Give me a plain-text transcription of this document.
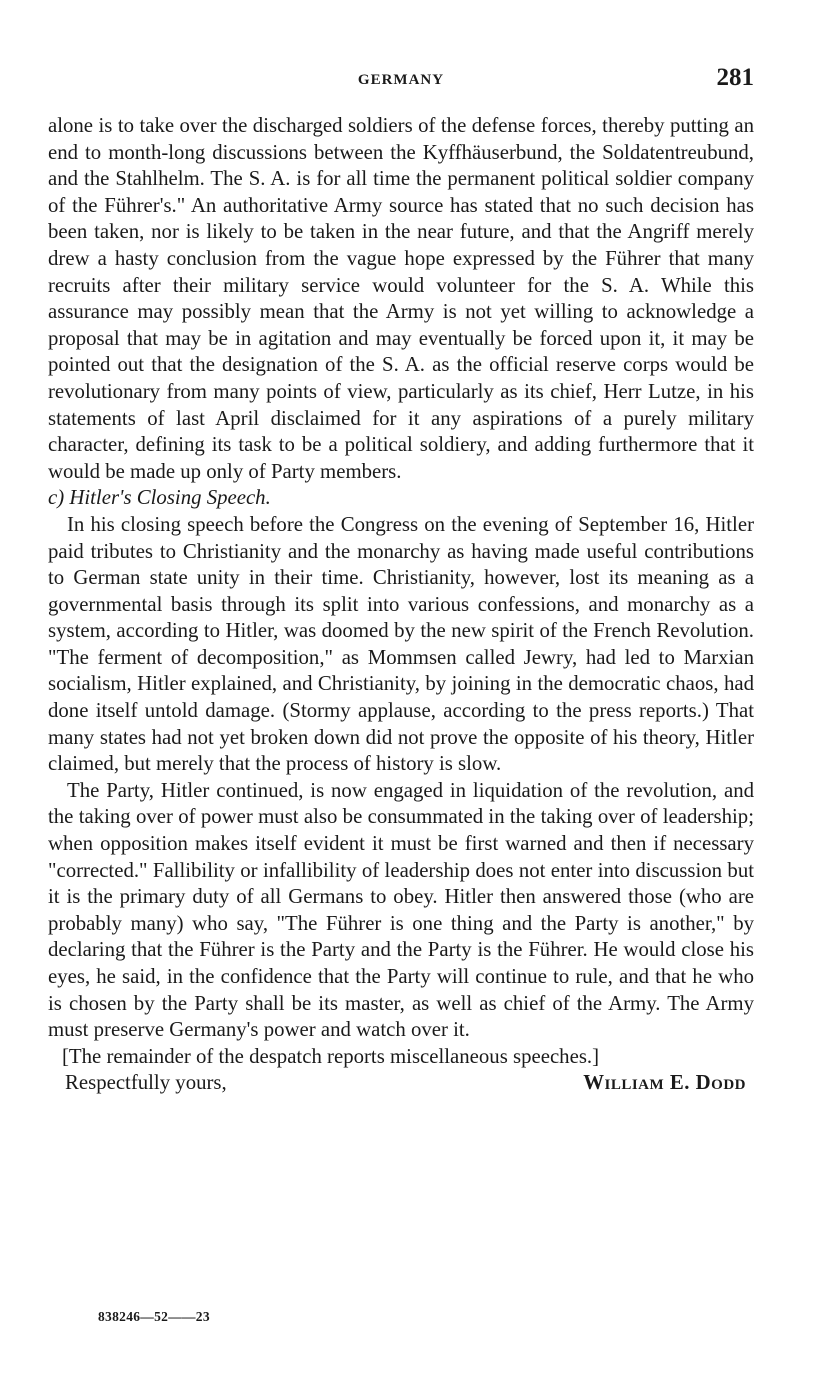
GERMANY	281

alone is to take over the discharged soldiers of the defense forces, thereby putting an end to month-long discussions between the Kyffhäuserbund, the Soldatentreubund, and the Stahlhelm. The S. A. is for all time the permanent political soldier company of the Führer's." An authoritative Army source has stated that no such decision has been taken, nor is likely to be taken in the near future, and that the Angriff merely drew a hasty conclusion from the vague hope expressed by the Führer that many recruits after their military service would volunteer for the S. A. While this assurance may possibly mean that the Army is not yet willing to acknowledge a proposal that may be in agitation and may eventually be forced upon it, it may be pointed out that the designation of the S. A. as the official reserve corps would be revolutionary from many points of view, particularly as its chief, Herr Lutze, in his statements of last April disclaimed for it any aspirations of a purely military character, defining its task to be a political soldiery, and adding furthermore that it would be made up only of Party members.

c) Hitler's Closing Speech.

In his closing speech before the Congress on the evening of September 16, Hitler paid tributes to Christianity and the monarchy as having made useful contributions to German state unity in their time. Christianity, however, lost its meaning as a governmental basis through its split into various confessions, and monarchy as a system, according to Hitler, was doomed by the new spirit of the French Revolution. "The ferment of decomposition," as Mommsen called Jewry, had led to Marxian socialism, Hitler explained, and Christianity, by joining in the democratic chaos, had done itself untold damage. (Stormy applause, according to the press reports.) That many states had not yet broken down did not prove the opposite of his theory, Hitler claimed, but merely that the process of history is slow.

The Party, Hitler continued, is now engaged in liquidation of the revolution, and the taking over of power must also be consummated in the taking over of leadership; when opposition makes itself evident it must be first warned and then if necessary "corrected." Fallibility or infallibility of leadership does not enter into discussion but it is the primary duty of all Germans to obey. Hitler then answered those (who are probably many) who say, "The Führer is one thing and the Party is another," by declaring that the Führer is the Party and the Party is the Führer. He would close his eyes, he said, in the confidence that the Party will continue to rule, and that he who is chosen by the Party shall be its master, as well as chief of the Army. The Army must preserve Germany's power and watch over it.

[The remainder of the despatch reports miscellaneous speeches.]

Respectfully yours,	William E. Dodd
838246—52——23
